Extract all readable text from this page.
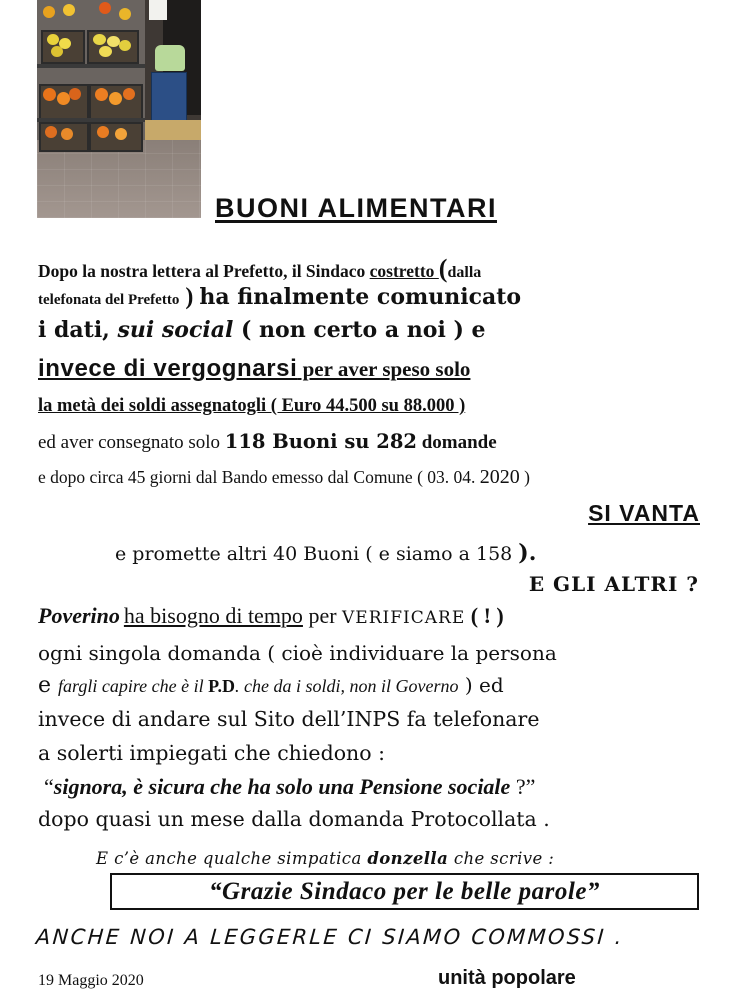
BUONI ALIMENTARI
Dopo la nostra lettera al Prefetto, il Sindaco costretto (dalla
telefonata del Prefetto ) ha finalmente comunicato
i dati, sui social ( non certo a noi ) e
invece di vergognarsi per aver speso solo
la metà dei soldi assegnatogli ( Euro 44.500 su 88.000 )
ed aver consegnato solo 118 Buoni su 282 domande
e dopo circa 45 giorni dal Bando emesso dal Comune ( 03. 04. 2020 )
SI VANTA
e promette altri 40 Buoni ( e siamo a 158 ).
E GLI ALTRI ?
Poverino ha bisogno di tempo per VERIFICARE ( ! )
ogni singola domanda ( cioè individuare la persona
e fargli capire che è il P.D. che da i soldi, non il Governo ) ed
invece di andare sul Sito dell’INPS fa telefonare
a solerti impiegati che chiedono :
“signora, è sicura che ha solo una Pensione sociale ?”
dopo quasi un mese dalla domanda Protocollata .
E c’è anche qualche simpatica donzella che scrive :
“Grazie Sindaco per le belle parole”
ANCHE NOI A LEGGERLE CI SIAMO COMMOSSI .
19 Maggio 2020	unità popolare
